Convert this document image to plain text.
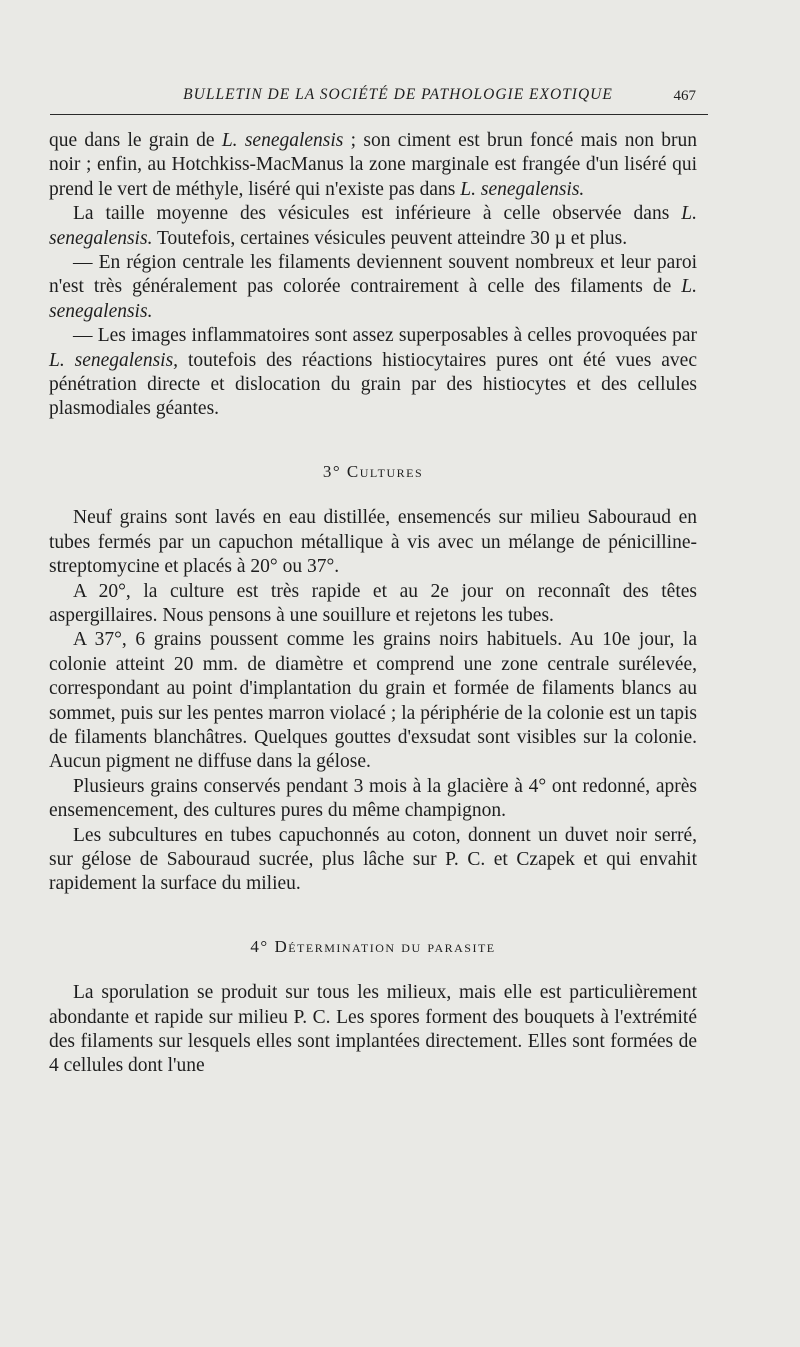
BULLETIN DE LA SOCIÉTÉ DE PATHOLOGIE EXOTIQUE	467

que dans le grain de L. senegalensis ; son ciment est brun foncé mais non brun noir ; enfin, au Hotchkiss-MacManus la zone marginale est frangée d'un liséré qui prend le vert de méthyle, liséré qui n'existe pas dans L. senegalensis.

La taille moyenne des vésicules est inférieure à celle observée dans L. senegalensis. Toutefois, certaines vésicules peuvent atteindre 30 µ et plus.

— En région centrale les filaments deviennent souvent nombreux et leur paroi n'est très généralement pas colorée contrairement à celle des filaments de L. senegalensis.

— Les images inflammatoires sont assez superposables à celles provoquées par L. senegalensis, toutefois des réactions histiocytaires pures ont été vues avec pénétration directe et dislocation du grain par des histiocytes et des cellules plasmodiales géantes.

3° Cultures

Neuf grains sont lavés en eau distillée, ensemencés sur milieu Sabouraud en tubes fermés par un capuchon métallique à vis avec un mélange de pénicilline-streptomycine et placés à 20° ou 37°.

A 20°, la culture est très rapide et au 2e jour on reconnaît des têtes aspergillaires. Nous pensons à une souillure et rejetons les tubes.

A 37°, 6 grains poussent comme les grains noirs habituels. Au 10e jour, la colonie atteint 20 mm. de diamètre et comprend une zone centrale surélevée, correspondant au point d'implantation du grain et formée de filaments blancs au sommet, puis sur les pentes marron violacé ; la périphérie de la colonie est un tapis de filaments blanchâtres. Quelques gouttes d'exsudat sont visibles sur la colonie. Aucun pigment ne diffuse dans la gélose.

Plusieurs grains conservés pendant 3 mois à la glacière à 4° ont redonné, après ensemencement, des cultures pures du même champignon.

Les subcultures en tubes capuchonnés au coton, donnent un duvet noir serré, sur gélose de Sabouraud sucrée, plus lâche sur P. C. et Czapek et qui envahit rapidement la surface du milieu.

4° Détermination du parasite

La sporulation se produit sur tous les milieux, mais elle est particulièrement abondante et rapide sur milieu P. C. Les spores forment des bouquets à l'extrémité des filaments sur lesquels elles sont implantées directement. Elles sont formées de 4 cellules dont l'une
